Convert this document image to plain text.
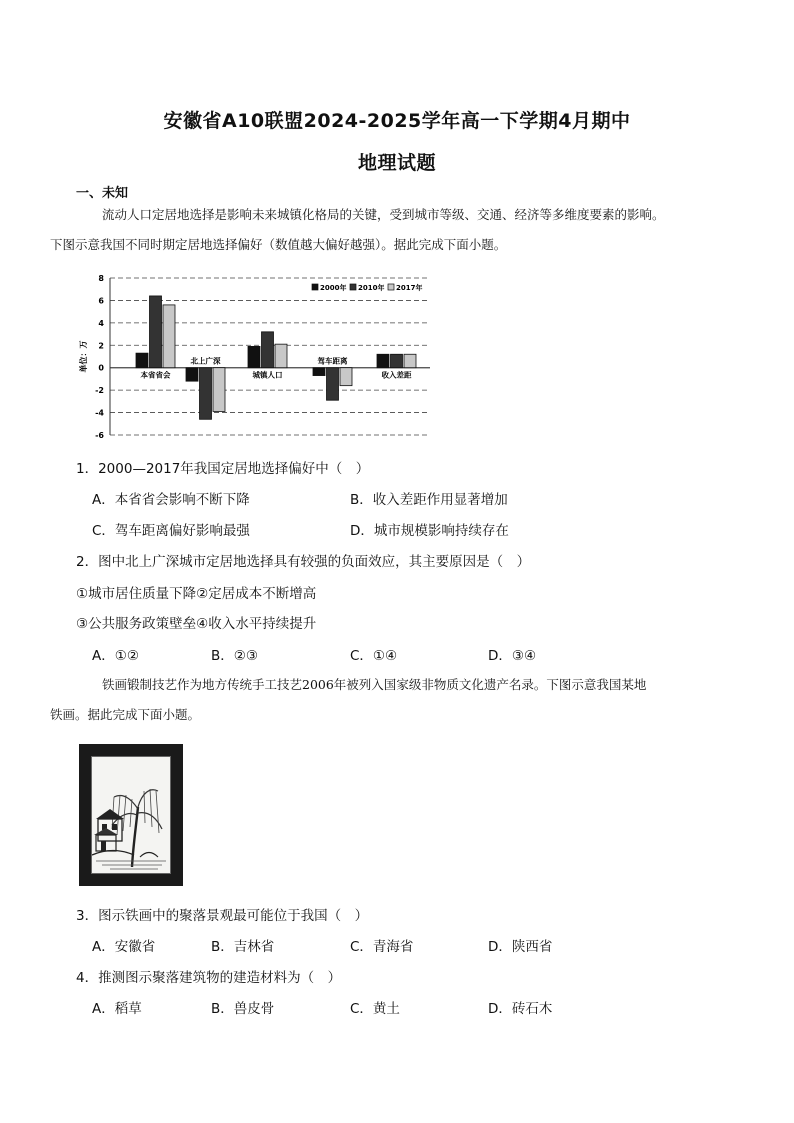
安徽省A10联盟2024-2025学年高一下学期4月期中
地理试题
一、未知
流动人口定居地选择是影响未来城镇化格局的关键，受到城市等级、交通、经济等多维度要素的影响。
下图示意我国不同时期定居地选择偏好（数值越大偏好越强）。据此完成下面小题。
8
6
4
2
0
-2
-4
-6
单位：万
本省省会
北上广深
城镇人口
驾车距离
收入差距
2000年 2010年 2017年
1．2000—2017年我国定居地选择偏好中（　）
A．本省省会影响不断下降	B．收入差距作用显著增加
C．驾车距离偏好影响最强	D．城市规模影响持续存在
2．图中北上广深城市定居地选择具有较强的负面效应，其主要原因是（　）
①城市居住质量下降②定居成本不断增高
③公共服务政策壁垒④收入水平持续提升
A．①②	B．②③	C．①④	D．③④
铁画锻制技艺作为地方传统手工技艺2006年被列入国家级非物质文化遗产名录。下图示意我国某地
铁画。据此完成下面小题。
3．图示铁画中的聚落景观最可能位于我国（　）
A．安徽省	B．吉林省	C．青海省	D．陕西省
4．推测图示聚落建筑物的建造材料为（　）
A．稻草	B．兽皮骨	C．黄土	D．砖石木
